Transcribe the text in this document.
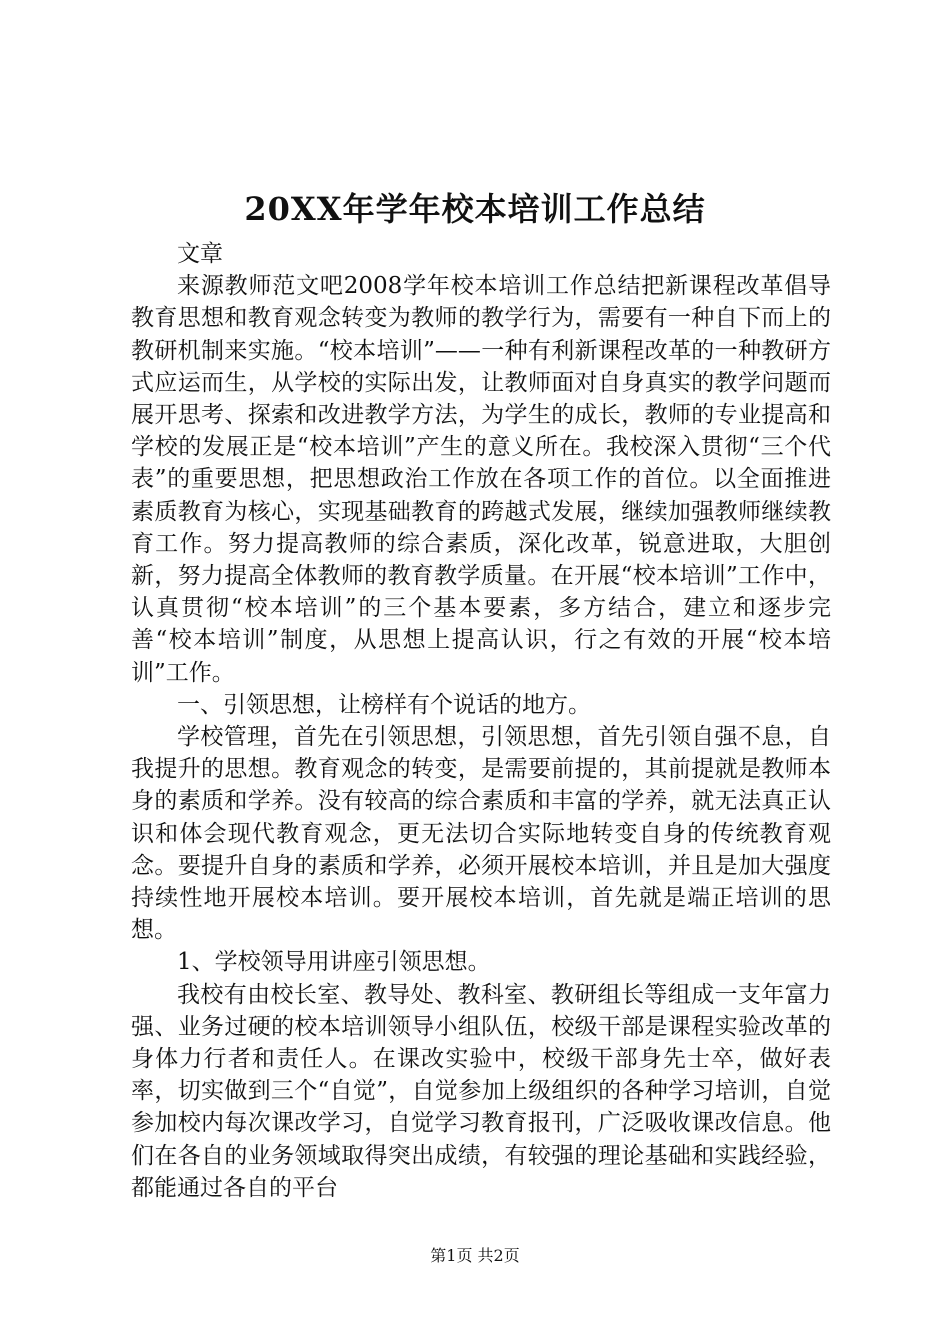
20XX年学年校本培训工作总结

文章

来源教师范文吧2008学年校本培训工作总结把新课程改革倡导教育思想和教育观念转变为教师的教学行为，需要有一种自下而上的教研机制来实施。“校本培训”——一种有利新课程改革的一种教研方式应运而生，从学校的实际出发，让教师面对自身真实的教学问题而展开思考、探索和改进教学方法，为学生的成长，教师的专业提高和学校的发展正是“校本培训”产生的意义所在。我校深入贯彻“三个代表”的重要思想，把思想政治工作放在各项工作的首位。以全面推进素质教育为核心，实现基础教育的跨越式发展，继续加强教师继续教育工作。努力提高教师的综合素质，深化改革，锐意进取，大胆创新，努力提高全体教师的教育教学质量。在开展“校本培训”工作中，认真贯彻“校本培训”的三个基本要素，多方结合，建立和逐步完善“校本培训”制度，从思想上提高认识，行之有效的开展“校本培训”工作。

一、引领思想，让榜样有个说话的地方。

学校管理，首先在引领思想，引领思想，首先引领自强不息，自我提升的思想。教育观念的转变，是需要前提的，其前提就是教师本身的素质和学养。没有较高的综合素质和丰富的学养，就无法真正认识和体会现代教育观念，更无法切合实际地转变自身的传统教育观念。要提升自身的素质和学养，必须开展校本培训，并且是加大强度持续性地开展校本培训。要开展校本培训，首先就是端正培训的思想。

1、学校领导用讲座引领思想。

我校有由校长室、教导处、教科室、教研组长等组成一支年富力强、业务过硬的校本培训领导小组队伍，校级干部是课程实验改革的身体力行者和责任人。在课改实验中，校级干部身先士卒，做好表率，切实做到三个“自觉”，自觉参加上级组织的各种学习培训，自觉参加校内每次课改学习，自觉学习教育报刊，广泛吸收课改信息。他们在各自的业务领域取得突出成绩，有较强的理论基础和实践经验，都能通过各自的平台

第1页 共2页
